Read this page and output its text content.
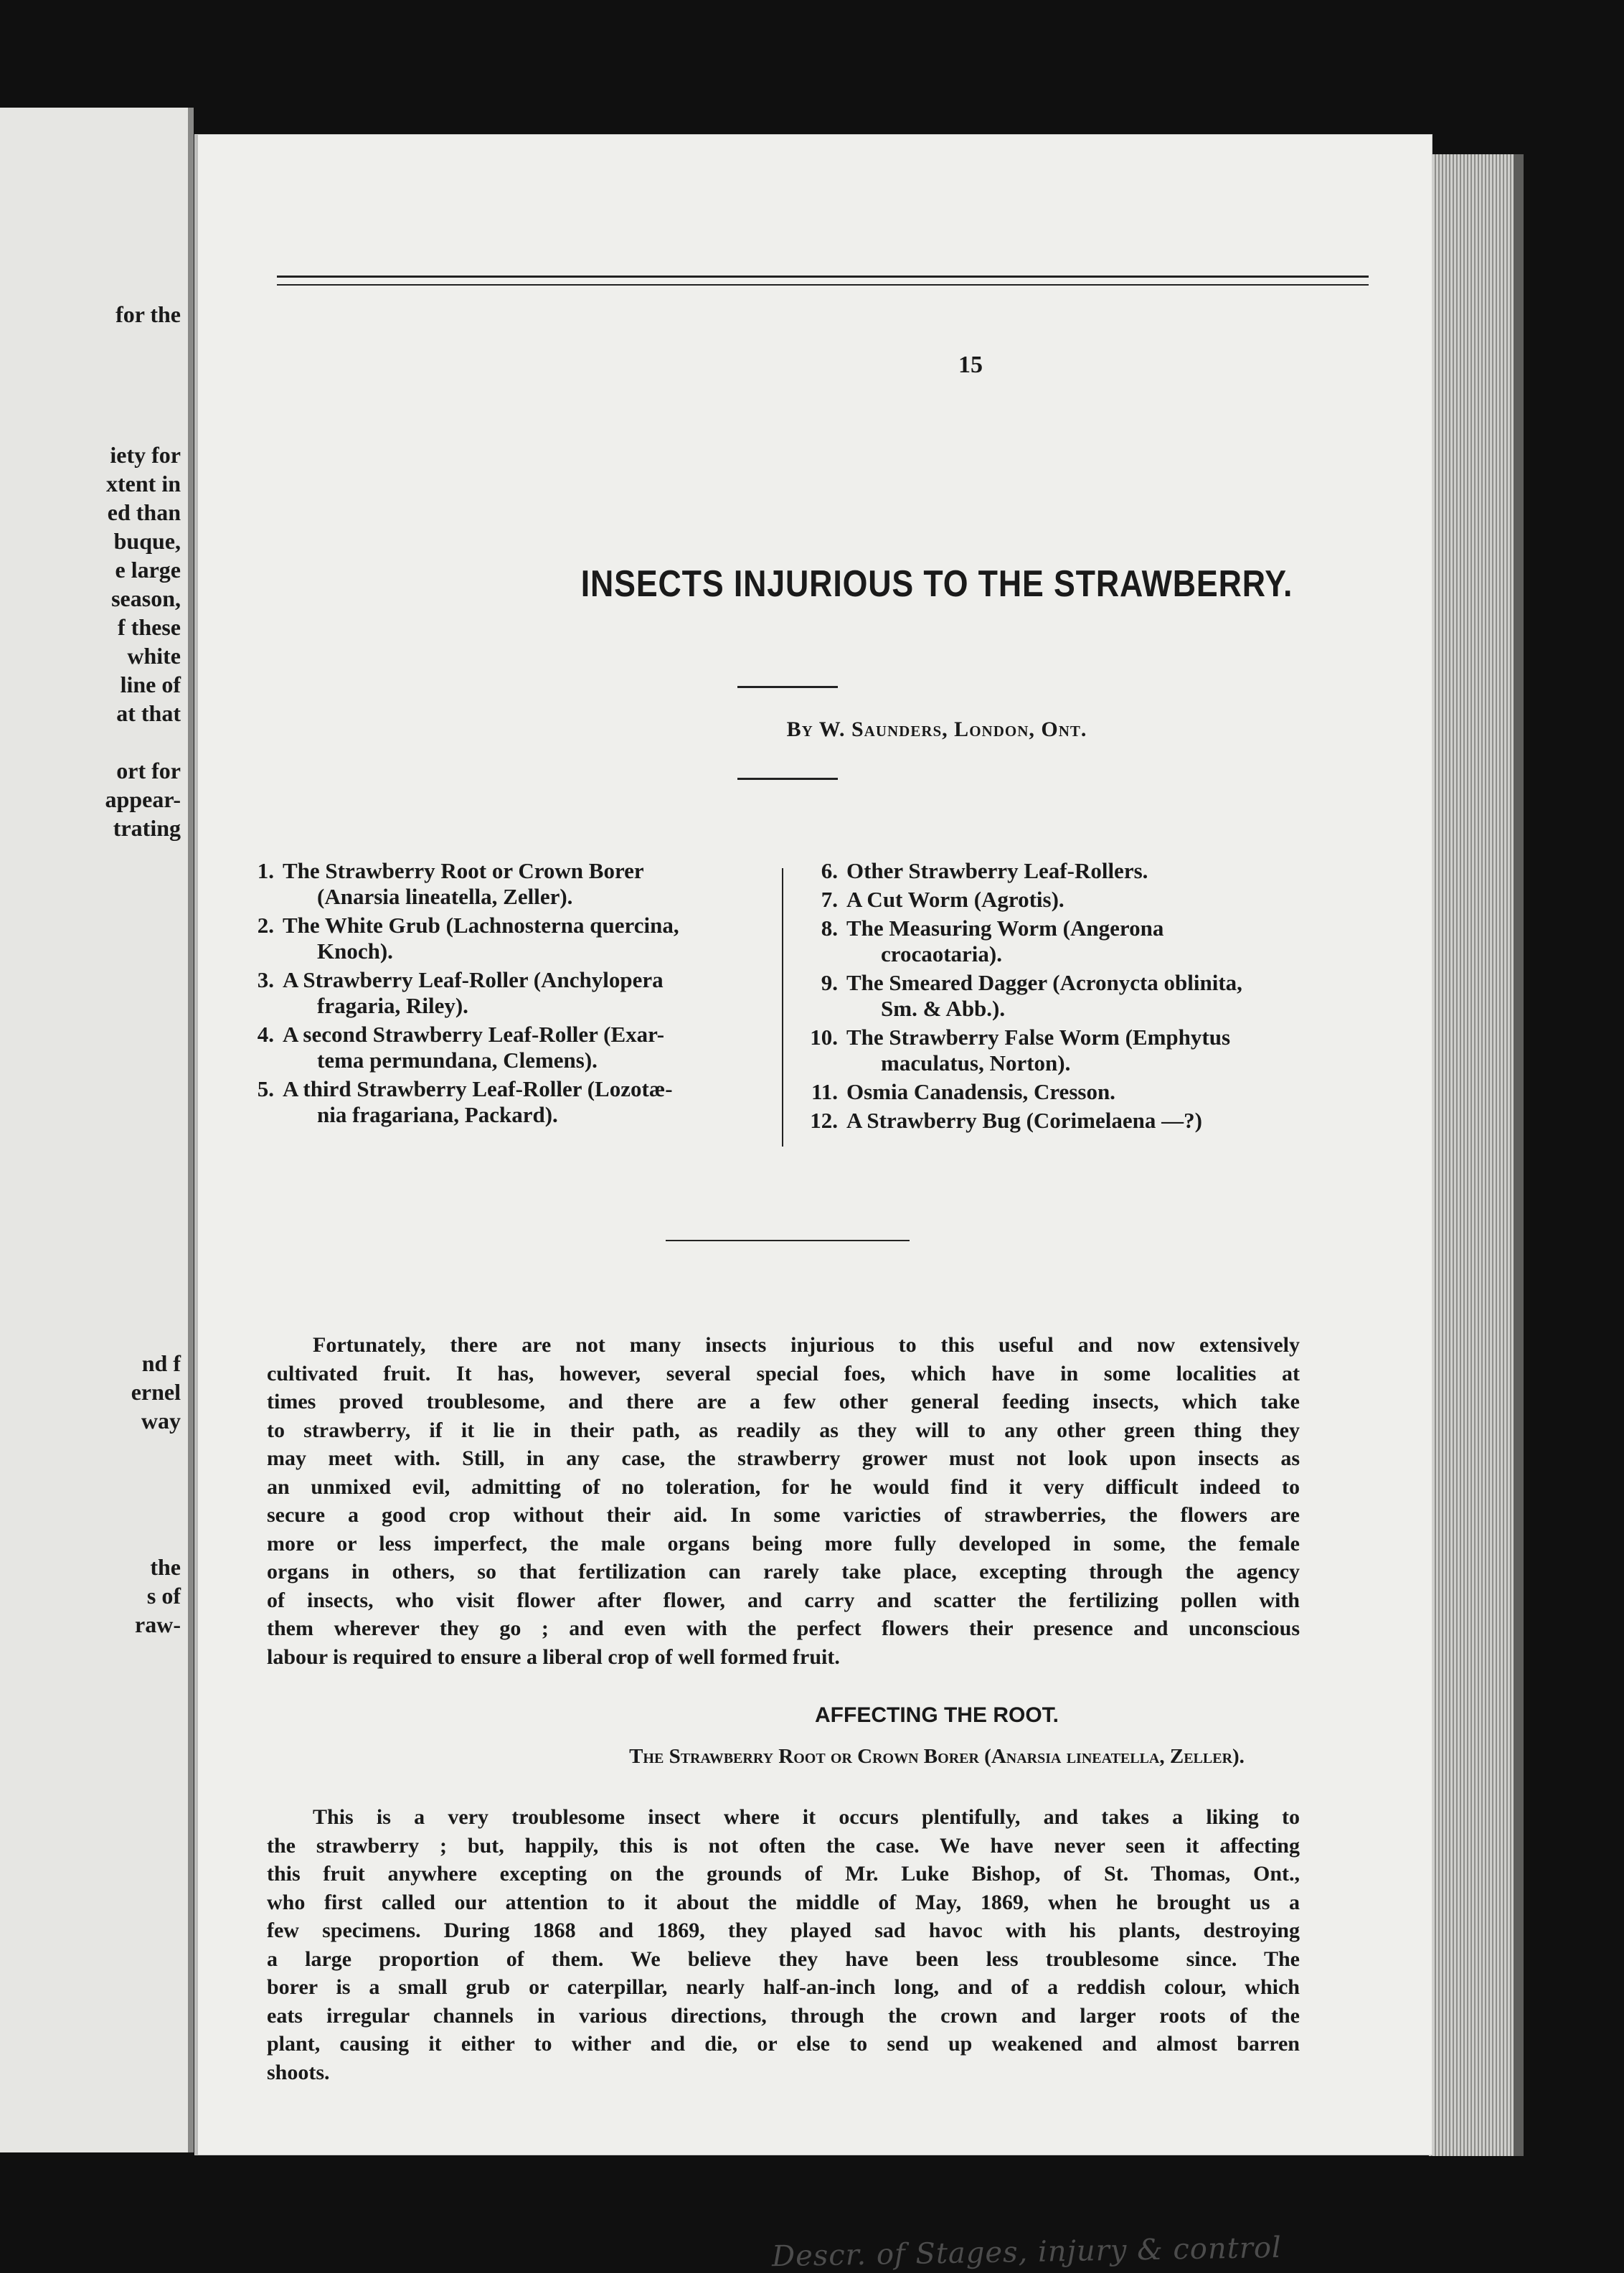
for the
iety for
xtent in
ed than
buque,
e large
season,
f these
white
line of
at that
ort for
appear-
trating
nd f
ernel
way
the
s of
raw-
15
INSECTS INJURIOUS TO THE STRAWBERRY.
By W. Saunders, London, Ont.
1. The Strawberry Root or Crown Borer
(Anarsia lineatella, Zeller).
2. The White Grub (Lachnosterna quercina,
Knoch).
3. A Strawberry Leaf-Roller (Anchylopera
fragaria, Riley).
4. A second Strawberry Leaf-Roller (Exar-
tema permundana, Clemens).
5. A third Strawberry Leaf-Roller (Lozotæ-
nia fragariana, Packard).
6. Other Strawberry Leaf-Rollers.
7. A Cut Worm (Agrotis).
8. The Measuring Worm (Angerona
crocaotaria).
9. The Smeared Dagger (Acronycta oblinita,
Sm. & Abb.).
10. The Strawberry False Worm (Emphytus
maculatus, Norton).
11. Osmia Canadensis, Cresson.
12. A Strawberry Bug (Corimelaena —?)
Fortunately, there are not many insects injurious to this useful and now extensively
cultivated fruit. It has, however, several special foes, which have in some localities at
times proved troublesome, and there are a few other general feeding insects, which take
to strawberry, if it lie in their path, as readily as they will to any other green thing they
may meet with. Still, in any case, the strawberry grower must not look upon insects as
an unmixed evil, admitting of no toleration, for he would find it very difficult indeed to
secure a good crop without their aid. In some varicties of strawberries, the flowers are
more or less imperfect, the male organs being more fully developed in some, the female
organs in others, so that fertilization can rarely take place, excepting through the agency
of insects, who visit flower after flower, and carry and scatter the fertilizing pollen with
them wherever they go ; and even with the perfect flowers their presence and unconscious
labour is required to ensure a liberal crop of well formed fruit.
AFFECTING THE ROOT.
The Strawberry Root or Crown Borer (Anarsia lineatella, Zeller).
This is a very troublesome insect where it occurs plentifully, and takes a liking to
the strawberry ; but, happily, this is not often the case. We have never seen it affecting
this fruit anywhere excepting on the grounds of Mr. Luke Bishop, of St. Thomas, Ont.,
who first called our attention to it about the middle of May, 1869, when he brought us a
few specimens. During 1868 and 1869, they played sad havoc with his plants, destroying
a large proportion of them. We believe they have been less troublesome since. The
borer is a small grub or caterpillar, nearly half-an-inch long, and of a reddish colour, which
eats irregular channels in various directions, through the crown and larger roots of the
plant, causing it either to wither and die, or else to send up weakened and almost barren
shoots.
Descr. of Stages, injury & control
